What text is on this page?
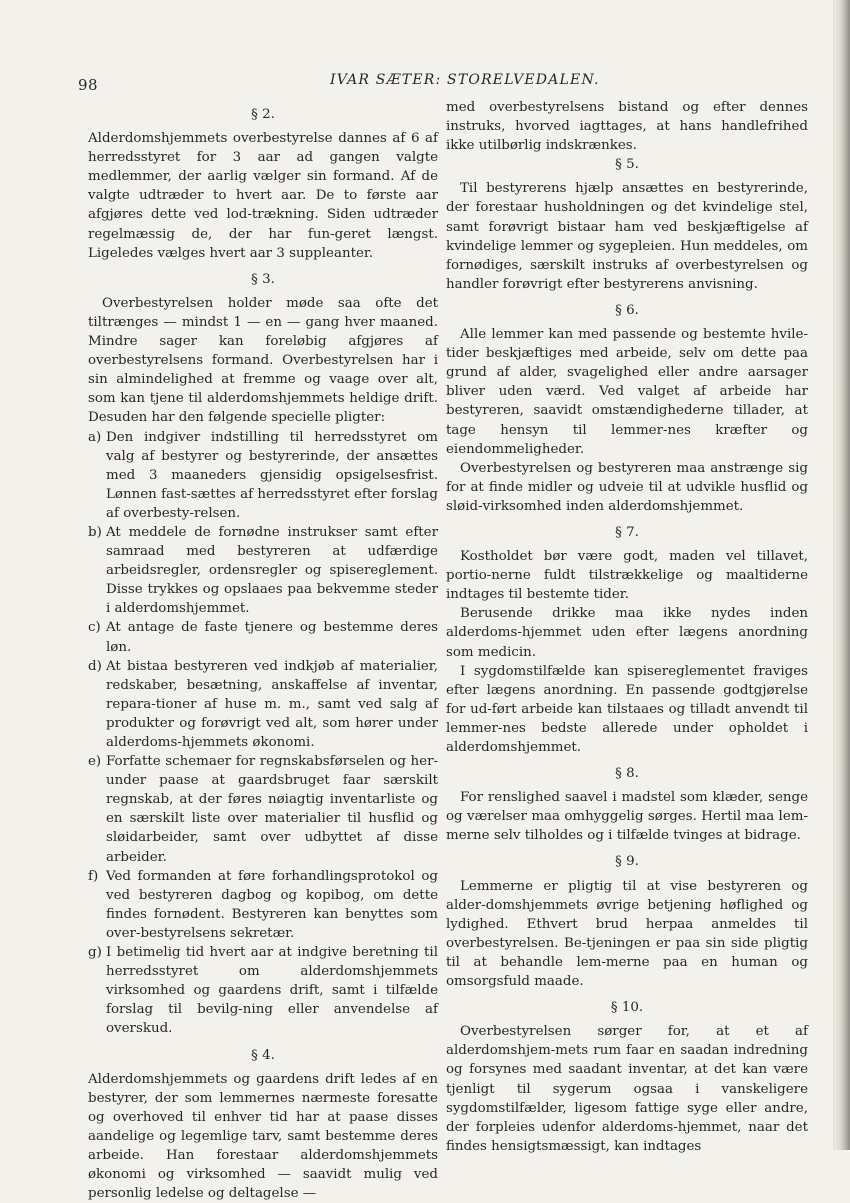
98	IVAR SÆTER: STORELVEDALEN.
§ 2.

Alderdomshjemmets overbestyrelse dannes af 6 af herredsstyret for 3 aar ad gangen valgte medlemmer, der aarlig vælger sin formand. Af de valgte udtræder to hvert aar. De to første aar afgjøres dette ved lod-trækning. Siden udtræder regelmæssig de, der har fun-geret længst. Ligeledes vælges hvert aar 3 suppleanter.

§ 3.

Overbestyrelsen holder møde saa ofte det tiltrænges — mindst 1 — en — gang hver maaned. Mindre sager kan foreløbig afgjøres af overbestyrelsens formand. Overbestyrelsen har i sin almindelighed at fremme og vaage over alt, som kan tjene til alderdomshjemmets heldige drift. Desuden har den følgende specielle pligter:

a) Den indgiver indstilling til herredsstyret om valg af bestyrer og bestyrerinde, der ansættes med 3 maaneders gjensidig opsigelsesfrist. Lønnen fast-sættes af herredsstyret efter forslag af overbesty-relsen.
b) At meddele de fornødne instrukser samt efter samraad med bestyreren at udfærdige arbeidsregler, ordensregler og spisereglement. Disse trykkes og opslaaes paa bekvemme steder i alderdomshjemmet.
c) At antage de faste tjenere og bestemme deres løn.
d) At bistaa bestyreren ved indkjøb af materialier, redskaber, besætning, anskaffelse af inventar, repara-tioner af huse m. m., samt ved salg af produkter og forøvrigt ved alt, som hører under alderdoms-hjemmets økonomi.
e) Forfatte schemaer for regnskabsførselen og her-under paase at gaardsbruget faar særskilt regnskab, at der føres nøiagtig inventarliste og en særskilt liste over materialier til husflid og sløidarbeider, samt over udbyttet af disse arbeider.
f) Ved formanden at føre forhandlingsprotokol og ved bestyreren dagbog og kopibog, om dette findes fornødent. Bestyreren kan benyttes som over-bestyrelsens sekretær.
g) I betimelig tid hvert aar at indgive beretning til herredsstyret om alderdomshjemmets virksomhed og gaardens drift, samt i tilfælde forslag til bevilg-ning eller anvendelse af overskud.
§ 4.

Alderdomshjemmets og gaardens drift ledes af en bestyrer, der som lemmernes nærmeste foresatte og overhoved til enhver tid har at paase disses aandelige og legemlige tarv, samt bestemme deres arbeide. Han forestaar alderdomshjemmets økonomi og virksomhed — saavidt mulig ved personlig ledelse og deltagelse —

med overbestyrelsens bistand og efter dennes instruks, hvorved iagttages, at hans handlefrihed ikke utilbørlig indskrænkes.

§ 5.

Til bestyrerens hjælp ansættes en bestyrerinde, der forestaar husholdningen og det kvindelige stel, samt forøvrigt bistaar ham ved beskjæftigelse af kvindelige lemmer og sygepleien. Hun meddeles, om fornødiges, særskilt instruks af overbestyrelsen og handler forøvrigt efter bestyrerens anvisning.

§ 6.

Alle lemmer kan med passende og bestemte hvile-tider beskjæftiges med arbeide, selv om dette paa grund af alder, svagelighed eller andre aarsager bliver uden værd. Ved valget af arbeide har bestyreren, saavidt omstændighederne tillader, at tage hensyn til lemmer-nes kræfter og eiendommeligheder.

Overbestyrelsen og bestyreren maa anstrænge sig for at finde midler og udveie til at udvikle husflid og sløid-virksomhed inden alderdomshjemmet.

§ 7.

Kostholdet bør være godt, maden vel tillavet, portio-nerne fuldt tilstrækkelige og maaltiderne indtages til bestemte tider.

Berusende drikke maa ikke nydes inden alderdoms-hjemmet uden efter lægens anordning som medicin.

I sygdomstilfælde kan spisereglementet fraviges efter lægens anordning. En passende godtgjørelse for ud-ført arbeide kan tilstaaes og tilladt anvendt til lemmer-nes bedste allerede under opholdet i alderdomshjemmet.

§ 8.

For renslighed saavel i madstel som klæder, senge og værelser maa omhyggelig sørges. Hertil maa lem-merne selv tilholdes og i tilfælde tvinges at bidrage.

§ 9.

Lemmerne er pligtig til at vise bestyreren og alder-domshjemmets øvrige betjening høflighed og lydighed. Ethvert brud herpaa anmeldes til overbestyrelsen. Be-tjeningen er paa sin side pligtig til at behandle lem-merne paa en human og omsorgsfuld maade.

§ 10.

Overbestyrelsen sørger for, at et af alderdomshjem-mets rum faar en saadan indredning og forsynes med saadant inventar, at det kan være tjenligt til sygerum ogsaa i vanskeligere sygdomstilfælder, ligesom fattige syge eller andre, der forpleies udenfor alderdoms-hjemmet, naar det findes hensigtsmæssigt, kan indtages
